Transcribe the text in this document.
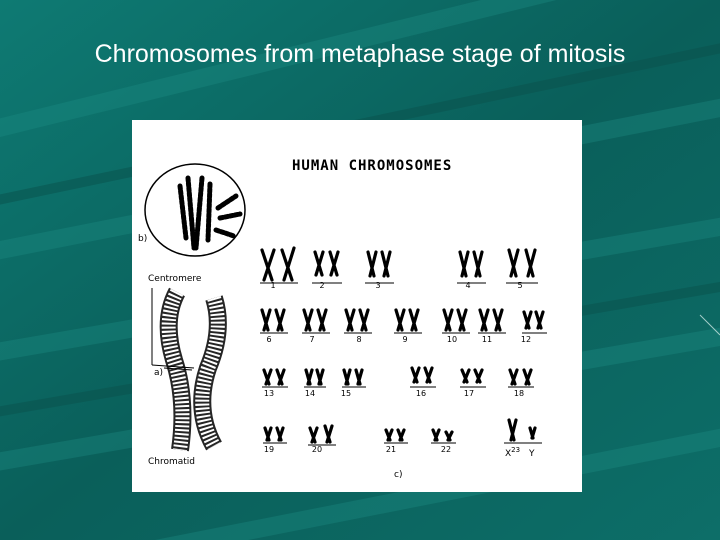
Chromosomes from metaphase stage of mitosis
HUMAN CHROMOSOMES
b)
Centromere
a)
Chromatid
c)
1	2	3	4	5
6	7	8	9	10	11	12
13	14	15	16	17	18
19	20	21	22	$X^{23}$ Y
